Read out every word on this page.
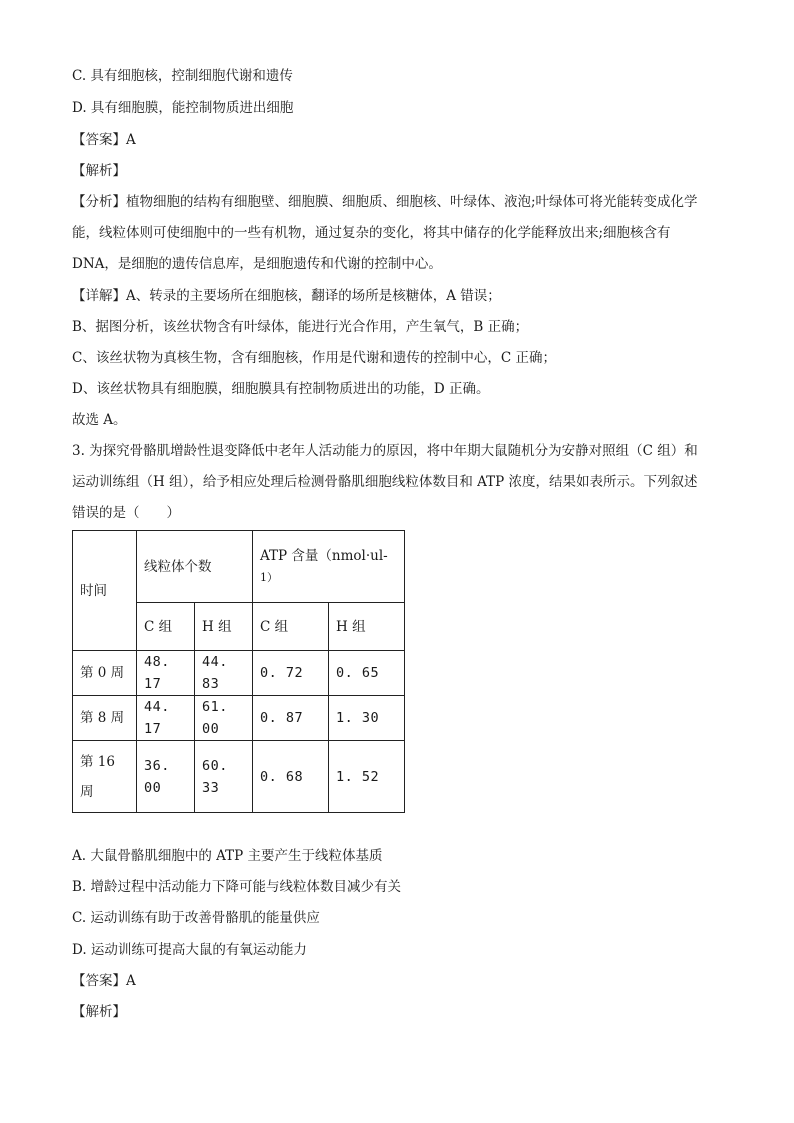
C. 具有细胞核，控制细胞代谢和遗传
D. 具有细胞膜，能控制物质进出细胞
【答案】A
【解析】
【分析】植物细胞的结构有细胞壁、细胞膜、细胞质、细胞核、叶绿体、液泡;叶绿体可将光能转变成化学
能，线粒体则可使细胞中的一些有机物，通过复杂的变化，将其中储存的化学能释放出来;细胞核含有
DNA，是细胞的遗传信息库，是细胞遗传和代谢的控制中心。
【详解】A、转录的主要场所在细胞核，翻译的场所是核糖体，A 错误；
B、据图分析，该丝状物含有叶绿体，能进行光合作用，产生氧气，B 正确；
C、该丝状物为真核生物，含有细胞核，作用是代谢和遗传的控制中心，C 正确；
D、该丝状物具有细胞膜，细胞膜具有控制物质进出的功能，D 正确。
故选 A。
3. 为探究骨骼肌增龄性退变降低中老年人活动能力的原因，将中年期大鼠随机分为安静对照组（C 组）和
运动训练组（H 组），给予相应处理后检测骨骼肌细胞线粒体数目和 ATP 浓度，结果如表所示。下列叙述
错误的是（　　）
时间	线粒体个数		ATP 含量（nmol·ul-
1）	

	C 组	H 组	C 组	H 组
第 0 周	48. 17	44. 83	0. 72	0. 65
第 8 周	44. 17	61. 00	0. 87	1. 30

第 16
周	36. 00	60. 33	0. 68	1. 52
A. 大鼠骨骼肌细胞中的 ATP 主要产生于线粒体基质
B. 增龄过程中活动能力下降可能与线粒体数目减少有关
C. 运动训练有助于改善骨骼肌的能量供应
D. 运动训练可提高大鼠的有氧运动能力
【答案】A
【解析】
